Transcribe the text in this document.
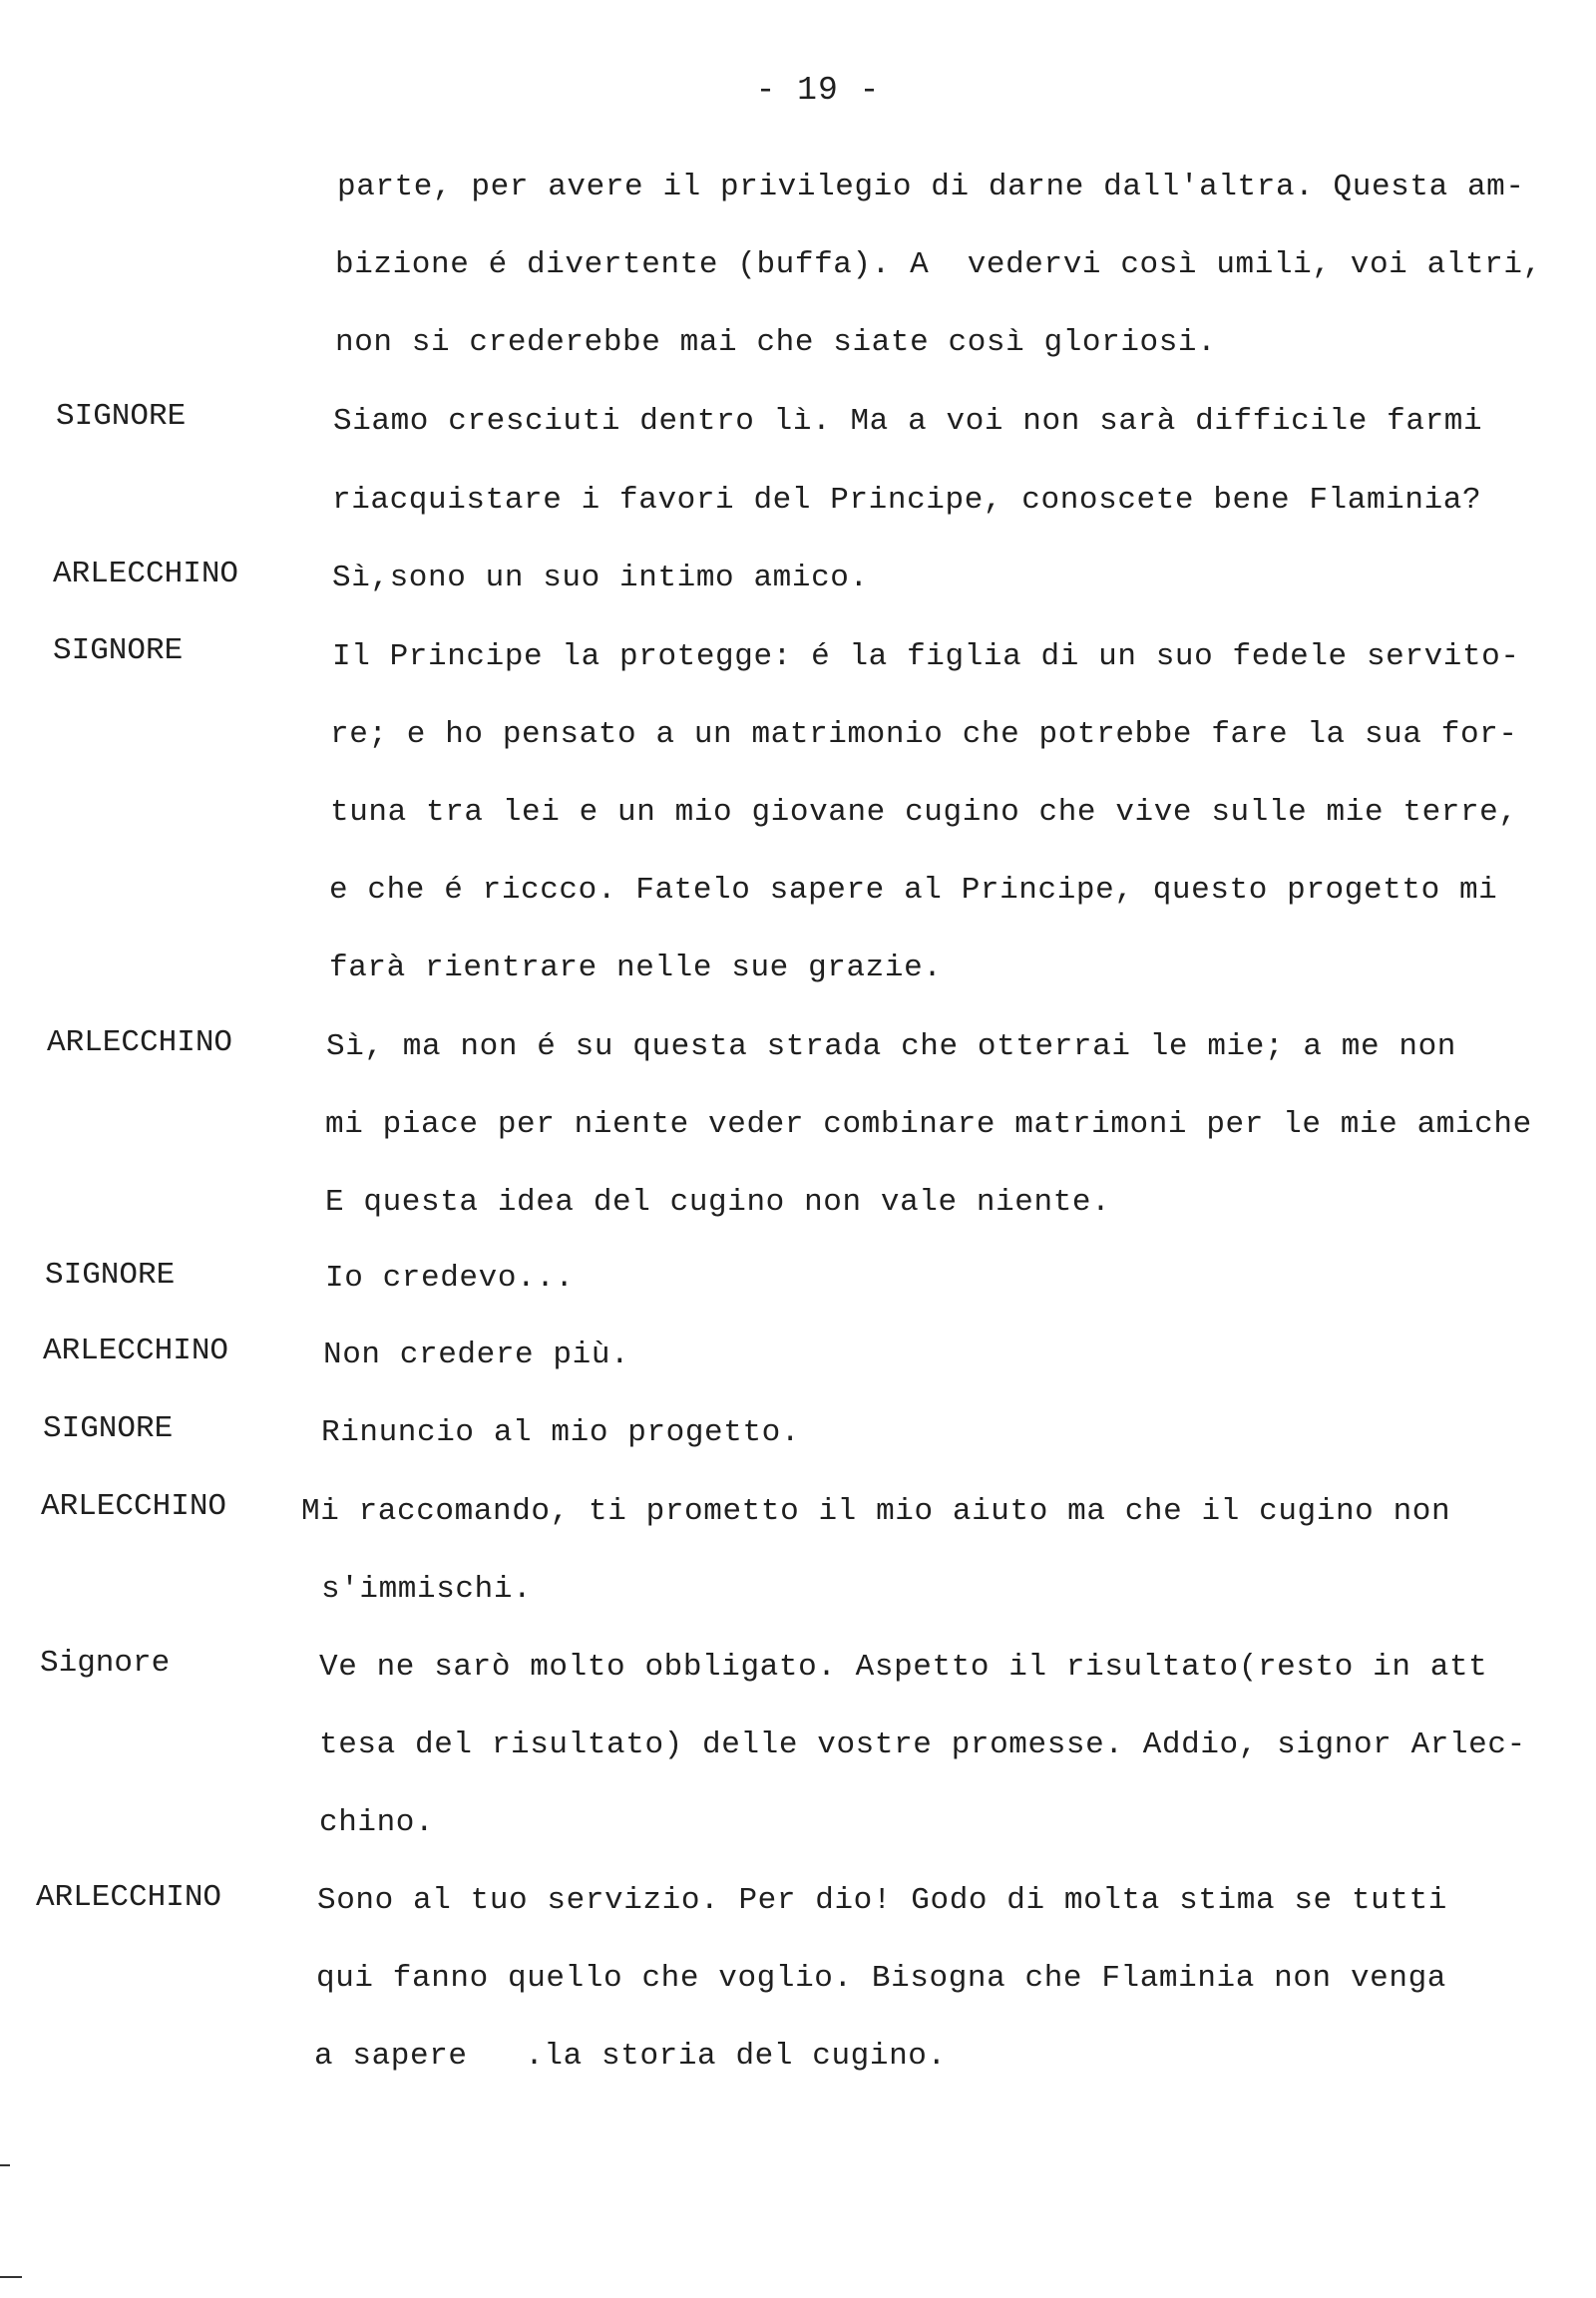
- 19 -
parte, per avere il privilegio di darne dall'altra. Questa am-
bizione é divertente (buffa). A  vedervi così umili, voi altri,
non si crederebbe mai che siate così gloriosi.
Siamo cresciuti dentro lì. Ma a voi non sarà difficile farmi
riacquistare i favori del Principe, conoscete bene Flaminia?
Sì,sono un suo intimo amico.
Il Principe la protegge: é la figlia di un suo fedele servito-
re; e ho pensato a un matrimonio che potrebbe fare la sua for-
tuna tra lei e un mio giovane cugino che vive sulle mie terre,
e che é riccco. Fatelo sapere al Principe, questo progetto mi
farà rientrare nelle sue grazie.
Sì, ma non é su questa strada che otterrai le mie; a me non
mi piace per niente veder combinare matrimoni per le mie amiche
E questa idea del cugino non vale niente.
Io credevo...
Non credere più.
Rinuncio al mio progetto.
Mi raccomando, ti prometto il mio aiuto ma che il cugino non
s'immischi.
Ve ne sarò molto obbligato. Aspetto il risultato(resto in att
tesa del risultato) delle vostre promesse. Addio, signor Arlec-
chino.
Sono al tuo servizio. Per dio! Godo di molta stima se tutti
qui fanno quello che voglio. Bisogna che Flaminia non venga
a sapere   .la storia del cugino.
SIGNORE
ARLECCHINO
SIGNORE
ARLECCHINO
SIGNORE
ARLECCHINO
SIGNORE
ARLECCHINO
Signore
ARLECCHINO
